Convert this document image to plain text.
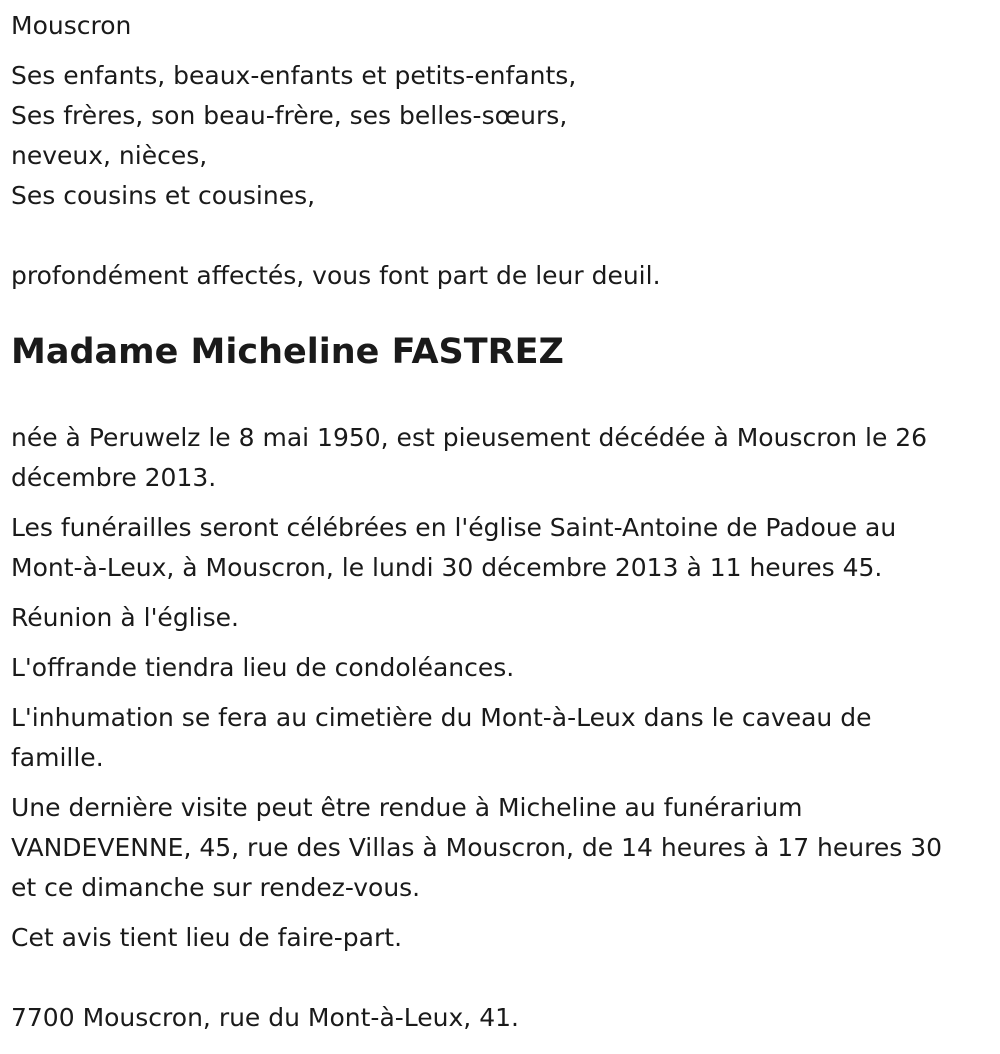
Mouscron

Ses enfants, beaux-enfants et petits-enfants,
Ses frères, son beau-frère, ses belles-sœurs,
neveux, nièces,
Ses cousins et cousines,

profondément affectés, vous font part de leur deuil.

Madame Micheline FASTREZ
née à Peruwelz le 8 mai 1950, est pieusement décédée à Mouscron le 26
décembre 2013.
Les funérailles seront célébrées en l'église Saint-Antoine de Padoue au
Mont-à-Leux, à Mouscron, le lundi 30 décembre 2013 à 11 heures 45.
Réunion à l'église.
L'offrande tiendra lieu de condoléances.
L'inhumation se fera au cimetière du Mont-à-Leux dans le caveau de
famille.
Une dernière visite peut être rendue à Micheline au funérarium
VANDEVENNE, 45, rue des Villas à Mouscron, de 14 heures à 17 heures 30
et ce dimanche sur rendez-vous.
Cet avis tient lieu de faire-part.

7700 Mouscron, rue du Mont-à-Leux, 41.
